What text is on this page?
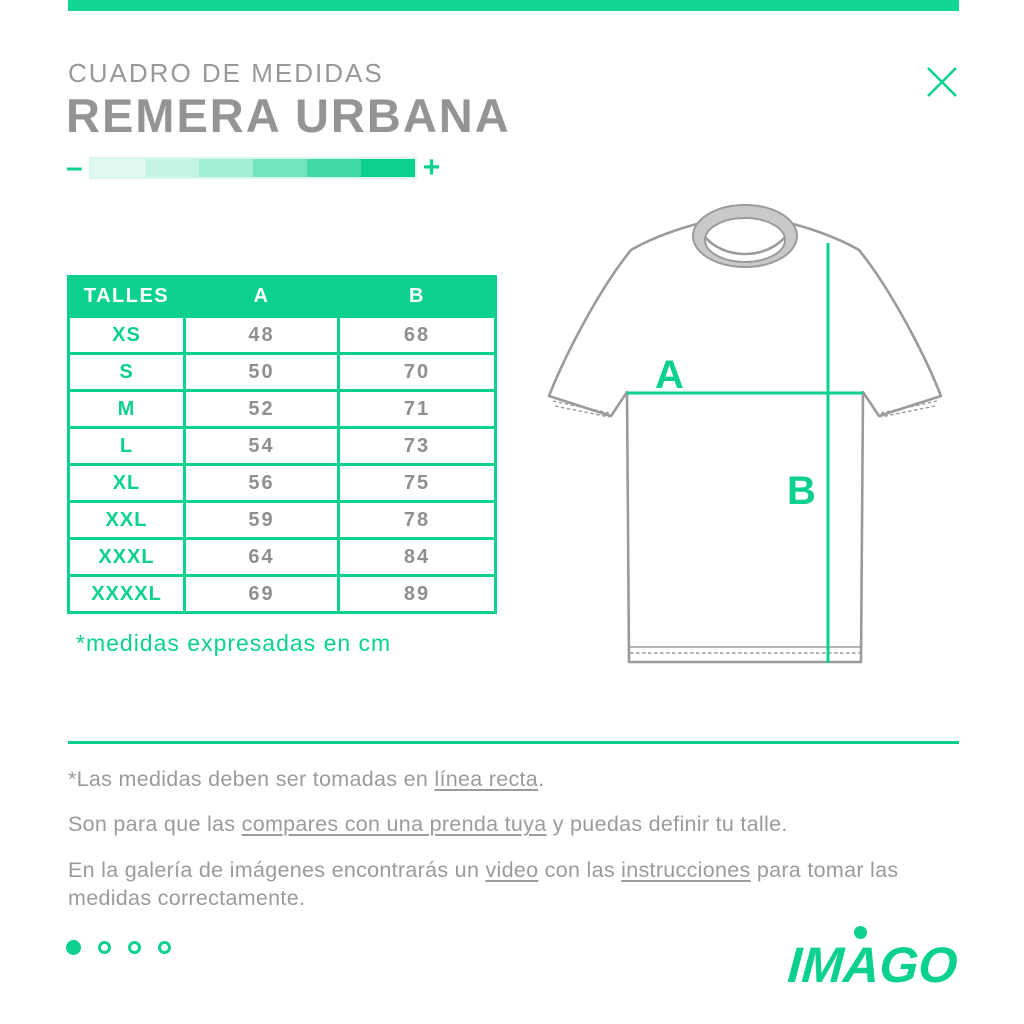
CUADRO DE MEDIDAS
REMERA URBANA
–	+
TALLES	A	B
XS	48	68
S	50	70
M	52	71
L	54	73
XL	56	75
XXL	59	78
XXXL	64	84
XXXXL	69	89
*medidas expresadas en cm
A
B

*Las medidas deben ser tomadas en línea recta.

Son para que las compares con una prenda tuya y puedas definir tu talle.

En la galería de imágenes encontrarás un video con las instrucciones para tomar las medidas correctamente.

IMAGO
